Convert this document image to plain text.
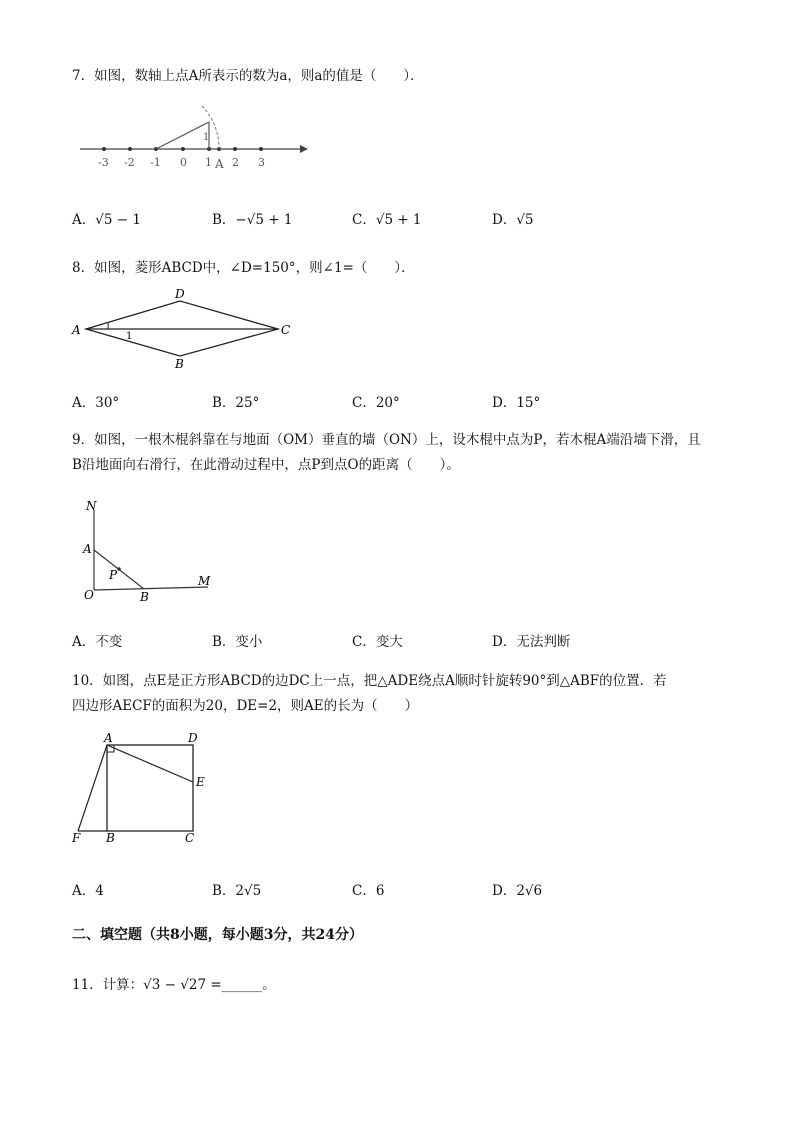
7．如图，数轴上点A所表示的数为a，则a的值是（　　）．
-3 -2 -1 0 1 2 3
A
1
A．√5 − 1	B．−√5 + 1	C．√5 + 1	D．√5
8．如图，菱形ABCD中，∠D=150°，则∠1=（　　）．
A
D
C
B
1
A．30°	B．25°	C．20°	D．15°
9．如图，一根木棍斜靠在与地面（OM）垂直的墙（ON）上，设木棍中点为P，若木棍A端沿墙下滑，且
B沿地面向右滑行，在此滑动过程中，点P到点O的距离（　　）。
N
A
P
O	B
M
A．不变	B．变小	C．变大	D．无法判断
10．如图，点E是正方形ABCD的边DC上一点，把△ADE绕点A顺时针旋转90°到△ABF的位置．若
四边形AECF的面积为20，DE=2，则AE的长为（　　）
A	D
E
F B	C
A．4	B．2√5	C．6	D．2√6
二、填空题（共8小题，每小题3分，共24分）
11．计算：√3 − √27 =______。
